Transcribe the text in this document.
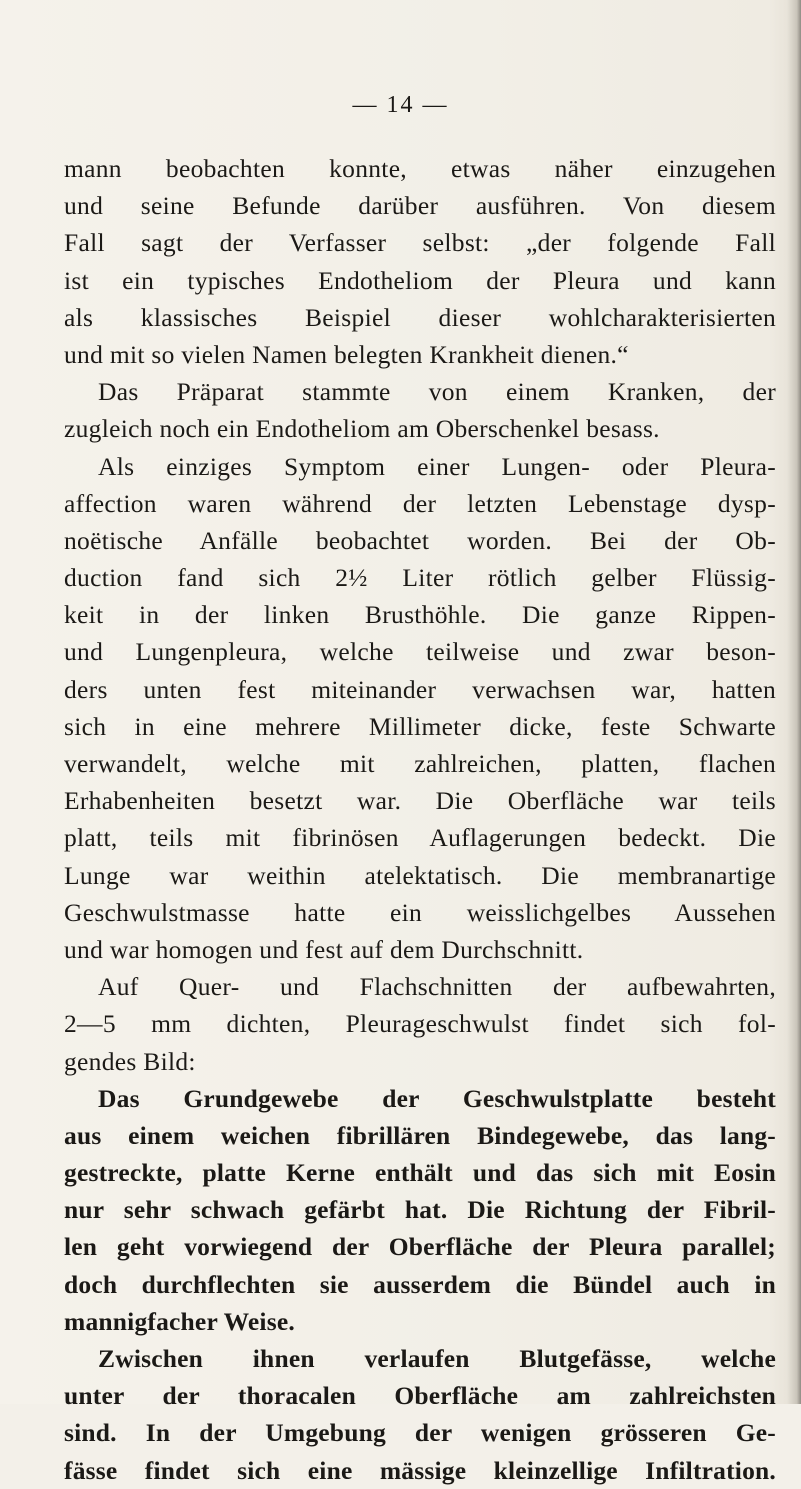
— 14 —
mann beobachten konnte, etwas näher einzugehen
und seine Befunde darüber ausführen. Von diesem
Fall sagt der Verfasser selbst: „der folgende Fall
ist ein typisches Endotheliom der Pleura und kann
als klassisches Beispiel dieser wohlcharakterisierten
und mit so vielen Namen belegten Krankheit dienen.“
Das Präparat stammte von einem Kranken, der
zugleich noch ein Endotheliom am Oberschenkel besass.
Als einziges Symptom einer Lungen- oder Pleura-
affection waren während der letzten Lebenstage dysp-
noëtische Anfälle beobachtet worden. Bei der Ob-
duction fand sich 2½ Liter rötlich gelber Flüssig-
keit in der linken Brusthöhle. Die ganze Rippen-
und Lungenpleura, welche teilweise und zwar beson-
ders unten fest miteinander verwachsen war, hatten
sich in eine mehrere Millimeter dicke, feste Schwarte
verwandelt, welche mit zahlreichen, platten, flachen
Erhabenheiten besetzt war. Die Oberfläche war teils
platt, teils mit fibrinösen Auflagerungen bedeckt. Die
Lunge war weithin atelektatisch. Die membranartige
Geschwulstmasse hatte ein weisslichgelbes Aussehen
und war homogen und fest auf dem Durchschnitt.
Auf Quer- und Flachschnitten der aufbewahrten,
2—5 mm dichten, Pleurageschwulst findet sich fol-
gendes Bild:
Das Grundgewebe der Geschwulstplatte besteht
aus einem weichen fibrillären Bindegewebe, das lang-
gestreckte, platte Kerne enthält und das sich mit Eosin
nur sehr schwach gefärbt hat. Die Richtung der Fibril-
len geht vorwiegend der Oberfläche der Pleura parallel;
doch durchflechten sie ausserdem die Bündel auch in
mannigfacher Weise.
Zwischen ihnen verlaufen Blutgefässe, welche
unter der thoracalen Oberfläche am zahlreichsten
sind. In der Umgebung der wenigen grösseren Ge-
fässe findet sich eine mässige kleinzellige Infiltration.
